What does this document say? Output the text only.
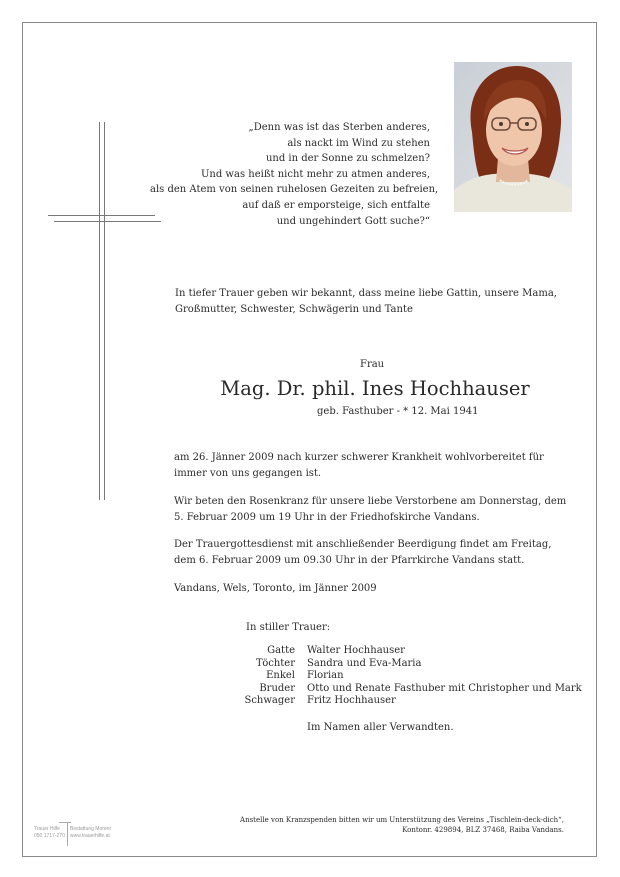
„Denn was ist das Sterben anderes,
als nackt im Wind zu stehen
und in der Sonne zu schmelzen?
Und was heißt nicht mehr zu atmen anderes,
als den Atem von seinen ruhelosen Gezeiten zu befreien,
auf daß er emporsteige, sich entfalte
und ungehindert Gott suche?“
In tiefer Trauer geben wir bekannt, dass meine liebe Gattin, unsere Mama, Großmutter, Schwester, Schwägerin und Tante
Frau
Mag. Dr. phil. Ines Hochhauser
geb. Fasthuber - * 12. Mai 1941
am 26. Jänner 2009 nach kurzer schwerer Krankheit wohlvorbereitet für immer von uns gegangen ist.
Wir beten den Rosenkranz für unsere liebe Verstorbene am Donnerstag, dem 5. Februar 2009 um 19 Uhr in der Friedhofskirche Vandans.
Der Trauergottesdienst mit anschließender Beerdigung findet am Freitag, dem 6. Februar 2009 um 09.30 Uhr in der Pfarrkirche Vandans statt.
Vandans, Wels, Toronto, im Jänner 2009
In stiller Trauer:
Gatte
Töchter
Enkel
Bruder
Schwager
Walter Hochhauser
Sandra und Eva-Maria
Florian
Otto und Renate Fasthuber mit Christopher und Mark
Fritz Hochhauser
Im Namen aller Verwandten.
Anstelle von Kranzspenden bitten wir um Unterstützung des Vereins „Tischlein-deck-dich“,
Kontonr. 429894, BLZ 37468, Raiba Vandans.
Trauer Hilfe
050 1717-270
Bestattung Morent
www.trauerhilfe.at
